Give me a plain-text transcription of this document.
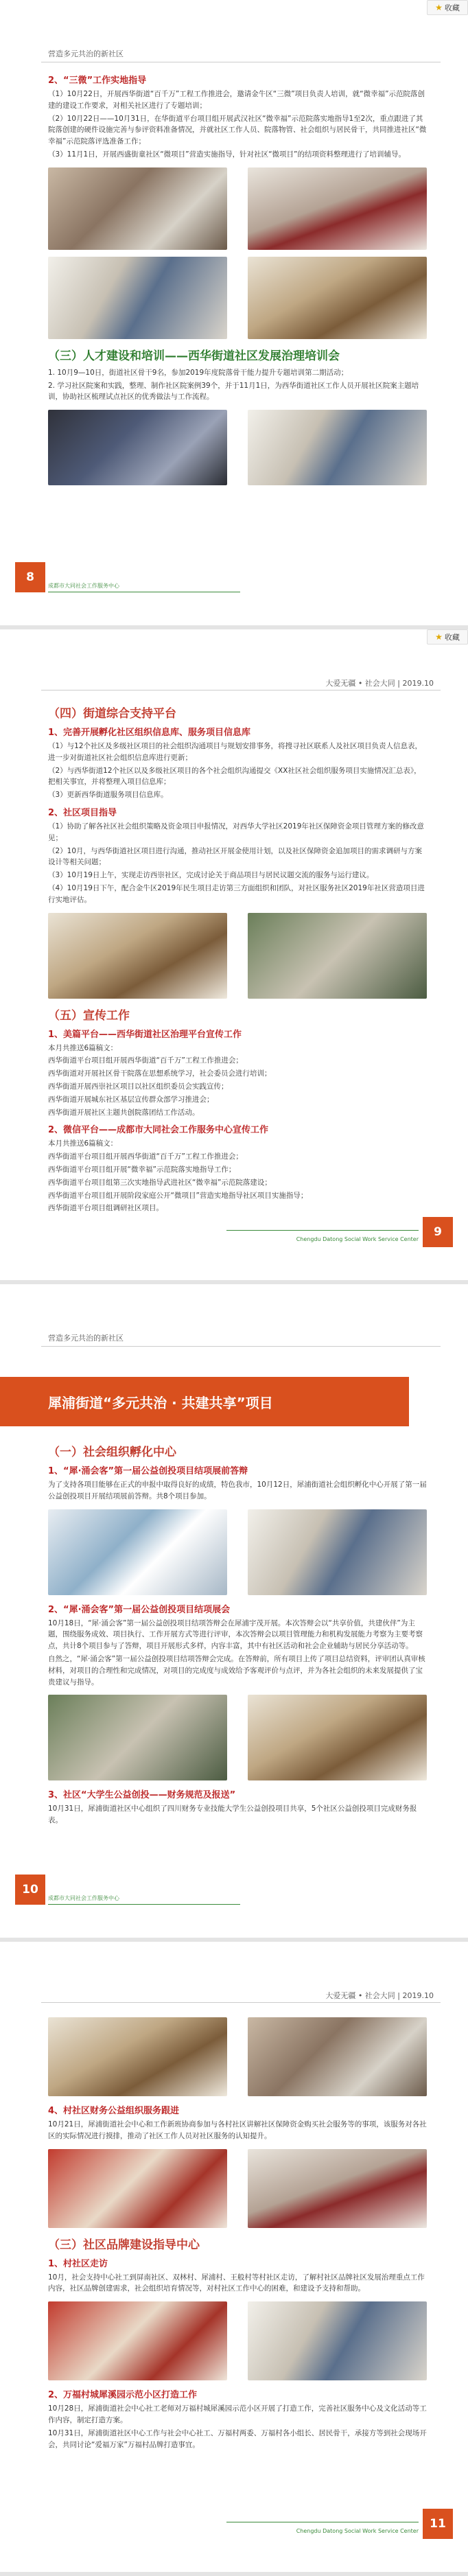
★ 收藏
营造多元共治的新社区
2、“三微”工作实地指导

（1）10月22日，开展西华街道“百千万”工程工作推进会，邀请金牛区“三微”项目负责人培训，就“微幸福”示范院落创建的建设工作要求，对相关社区进行了专题培训；

（2）10月22日——10月31日，在华街道平台项目组开展武汉社区“微幸福”示范院落实地指导1至2次，重点跟进了其院落创建的硬件设施完善与参评资料准备情况，并就社区工作人员、院落物管、社会组织与居民骨干，共同推进社区“微幸福”示范院落评选准备工作；

（3）11月1日，开展西盛街童社区“微项目”营造实施指导，针对社区“微项目”的结项资料整理进行了培训辅导。

（三）人才建设和培训——西华街道社区发展治理培训会

1. 10月9—10日，街道社区骨干9名，参加2019年度院落骨干能力提升专题培训第二期活动；

2. 学习社区院案和实践，整理、制作社区院案例39个，并于11月1日，为西华街道社区工作人员开展社区院案主题培训，协助社区梳理试点社区的优秀做法与工作流程。

8
成都市大同社会工作服务中心
★ 收藏
大爱无疆 • 社会大同 | 2019.10
（四）街道综合支持平台
1、完善开展孵化社区组织信息库、服务项目信息库

（1）与12个社区及多级社区项目的社会组织沟通项目与规划安排事务，将搜寻社区联系人及社区项目负责人信息表，进一步对街道社区社会组织信息库进行更新；

（2）与西华街道12个社区以及多级社区项目的各个社会组织沟通提交《XX社区社会组织服务项目实施情况汇总表》，把相关事宜，并将整理入项目信息库；

（3）更新西华街道服务项目信息库。

2、社区项目指导

（1）协助了解各社区社会组织策略及资金项目申报情况，对西华大学社区2019年社区保障资金项目管理方案的修改意见；

（2）10月，与西华街道社区项目进行沟通，推动社区开展金使用计划，以及社区保障资金追加项目的需求调研与方案设计等相关问题；

（3）10月19日上午，实现走访西崇社区，完成讨论关于商品项目与居民议题交流的服务与运行建议。

（4）10月19日下午，配合金牛区2019年民生项目走访第三方面组织和团队，对社区服务社区2019年社区营造项目进行实地评估。

（五）宣传工作
1、美篇平台——西华街道社区治理平台宣传工作

本月共推送6篇稿文：

西华街道平台项目组开展西华街道“百千万”工程工作推进会；

西华街道对开展社区骨干院落在思想系统学习，社会委员会进行培训；

西华街道开展西崇社区项目以社区组织委员会实践宣传；

西华街道开展城东社区基层宣传群众部学习推进会；

西华街道开展社区主题共创院落团结工作活动。

2、微信平台——成都市大同社会工作服务中心宣传工作

本月共推送6篇稿文：

西华街道平台项目组开展西华街道“百千万”工程工作推进会；

西华街道平台项目组开展“微幸福”示范院落实地指导工作；

西华街道平台项目组第三次实地指导武进社区“微幸福”示范院落建设；

西华街道平台项目组开展阶段家庭公开“微项目”营造实地指导社区项目实施指导；

西华街道平台项目组调研社区项目。

Chengdu Datong Social Work Service Center
9
营造多元共治的新社区
犀浦街道“多元共治 · 共建共享”项目
（一）社会组织孵化中心
1、“犀·涌会客”第一届公益创投项目结项展前答辩

为了支持各项目能够在正式的申报中取得良好的成绩，特色我市，10月12日，犀浦街道社会组织孵化中心开展了第一届公益创投项目开展结项展前答辩。共8个项目参加。

2、“犀·涌会客”第一届公益创投项目结项展会

10月18日，“犀·涌会客”第一届公益创投项目结项答辩会在犀浦宇茂开展。本次答辩会以“共享价值，共建伙伴”为主题，围绕服务成效、项目执行、工作开展方式等进行评审，本次答辩会以项目管理能力和机构发展能力考察为主要考察点，共计8个项目参与了答辩，项目开展形式多样，内容丰富，其中有社区活动和社会企业辅助与居民分享活动等。

自然之，“犀·涌会客”第一届公益创投项目结项答辩会完成。在答辩前，所有项目上传了项目总结资料，评审团认真审核材料，对项目的合理性和完成情况，对项目的完成度与成效给予客观评价与点评，并为各社会组织的未来发展提供了宝贵建议与指导。

3、社区“大学生公益创投——财务规范及报送”

10月31日，犀浦街道社区中心组织了四川财务专业技能大学生公益创投项目共享，5个社区公益创投项目完成财务报表。

10
成都市大同社会工作服务中心
大爱无疆 • 社会大同 | 2019.10
4、村社区财务公益组织服务跟进

10月21日，犀浦街道社会中心和工作新班协商参加与各村社区讲解社区保障资金购买社会服务等的事项，该服务对各社区的实际情况进行摸排，推动了社区工作人员对社区服务的认知提升。

（三）社区品牌建设指导中心
1、村社区走访

10月，社会支持中心社工到屏南社区、双林村、犀浦村、王般村等村社区走访，了解村社区品牌社区发展治理重点工作内容，社区品牌创建需求，社会组织培育情况等，对村社区工作中心的困难，和建设予支持和帮助。

2、万福村城犀溪园示范小区打造工作

10月28日，犀浦街道社会中心社工老师对万福村城犀溪园示范小区开展了打造工作，完善社区服务中心及文化活动等工作内容，制定打造方案。

10月31日，犀浦街道社区中心工作与社会中心社工、万福村两委、万福村各小组长、居民骨干，承接方等到社会现场开会，共同讨论“爱福万家”万福村品牌打造事宜。

Chengdu Datong Social Work Service Center
11
